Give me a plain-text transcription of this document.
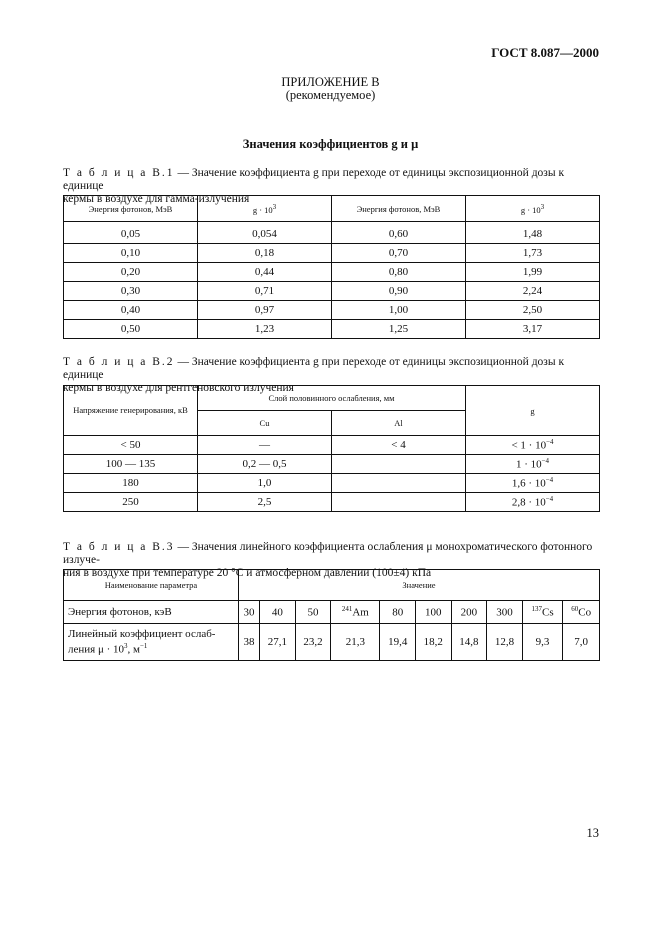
ГОСТ 8.087—2000
ПРИЛОЖЕНИЕ В
(рекомендуемое)
Значения коэффициентов g и μ
Т а б л и ц а В.1 — Значение коэффициента g при переходе от единицы экспозиционной дозы к единице
кермы в воздухе для гамма-излучения
Энергия фотонов, МэВ	$g \cdot 10^3$	Энергия фотонов, МэВ	$g \cdot 10^3$
0,05	0,054	0,60	1,48
0,10	0,18	0,70	1,73
0,20	0,44	0,80	1,99
0,30	0,71	0,90	2,24
0,40	0,97	1,00	2,50
0,50	1,23	1,25	3,17
Т а б л и ц а В.2 — Значение коэффициента g при переходе от единицы экспозиционной дозы к единице
кермы в воздухе для рентгеновского излучения
Напряжение генерирования, кВ	Слой половинного ослабления, мм		g
	Cu	Al	
< 50	—	< 4	< $1 \cdot 10^{-4}$
100 — 135	0,2 — 0,5		$1 \cdot 10^{-4}$
180	1,0		$1,6 \cdot 10^{-4}$
250	2,5		$2,8 \cdot 10^{-4}$
Т а б л и ц а В.3 — Значения линейного коэффициента ослабления μ монохроматического фотонного излуче-
ния в воздухе при температуре 20 °С и атмосферном давлении (100±4) кПа
Наименование параметра	Значение									
Энергия фотонов, кэВ	30	40	50	$^{241}$Am	80	100	200	300	$^{137}$Cs	$^{60}$Co
Линейный коэффициент ослаб-
ления $\mu \cdot 10^3$, $м^{-1}$	38	27,1	23,2	21,3	19,4	18,2	14,8	12,8	9,3	7,0
13
